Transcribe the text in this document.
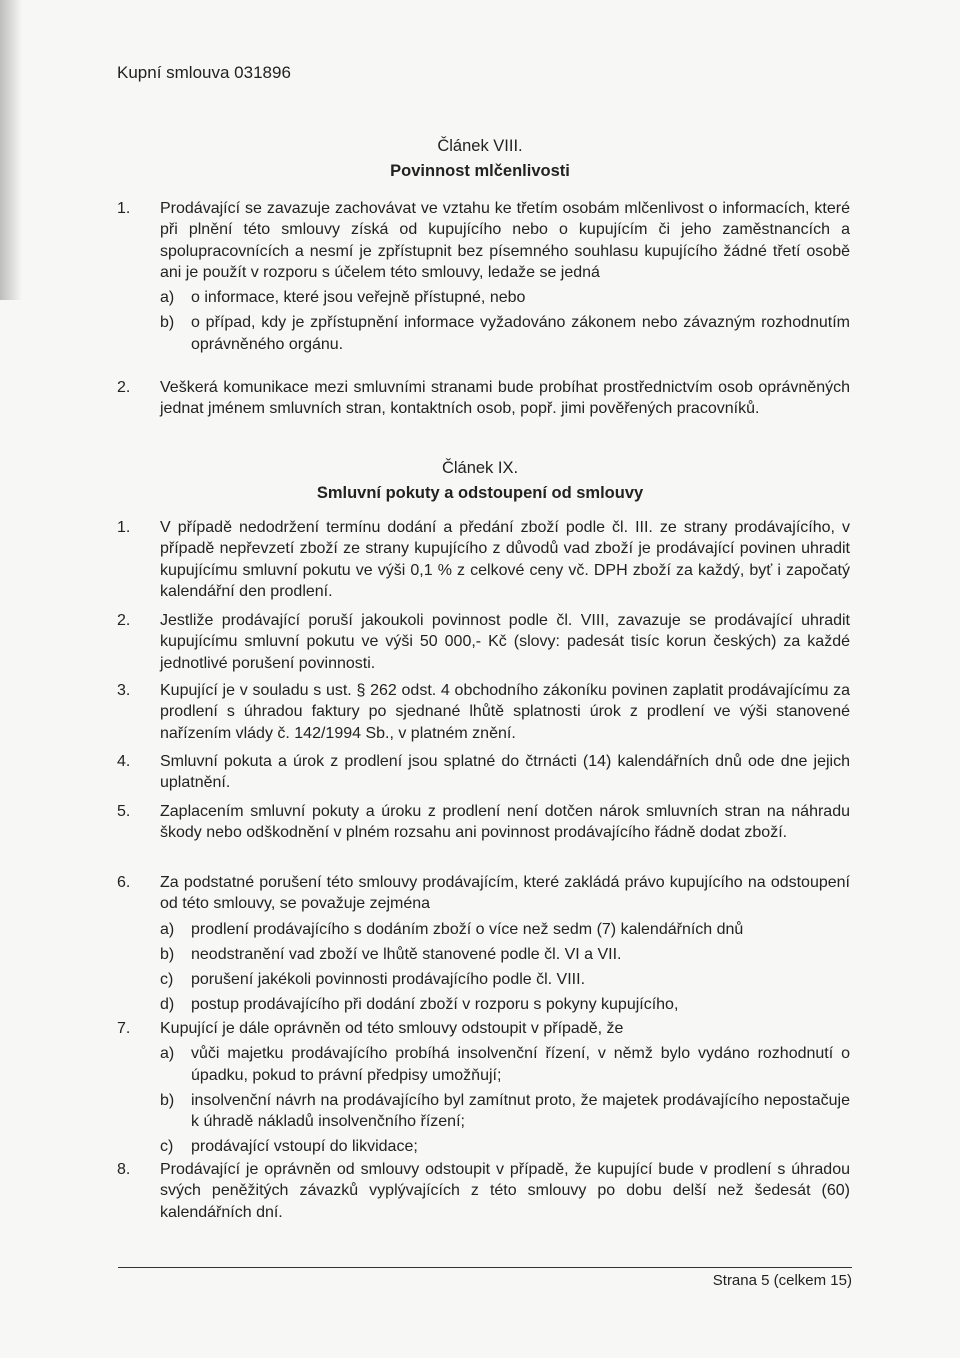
Kupní smlouva 031896
Článek VIII.
Povinnost mlčenlivosti
1. Prodávající se zavazuje zachovávat ve vztahu ke třetím osobám mlčenlivost o informacích, které při plnění této smlouvy získá od kupujícího nebo o kupujícím či jeho zaměstnancích a spolupracovnících a nesmí je zpřístupnit bez písemného souhlasu kupujícího žádné třetí osobě ani je použít v rozporu s účelem této smlouvy, ledaže se jedná
a) o informace, které jsou veřejně přístupné, nebo
b) o případ, kdy je zpřístupnění informace vyžadováno zákonem nebo závazným rozhodnutím oprávněného orgánu.
2. Veškerá komunikace mezi smluvními stranami bude probíhat prostřednictvím osob oprávněných jednat jménem smluvních stran, kontaktních osob, popř. jimi pověřených pracovníků.
Článek IX.
Smluvní pokuty a odstoupení od smlouvy
1. V případě nedodržení termínu dodání a předání zboží podle čl. III. ze strany prodávajícího, v případě nepřevzetí zboží ze strany kupujícího z důvodů vad zboží je prodávající povinen uhradit kupujícímu smluvní pokutu ve výši 0,1 % z celkové ceny vč. DPH zboží za každý, byť i započatý kalendářní den prodlení.
2. Jestliže prodávající poruší jakoukoli povinnost podle čl. VIII, zavazuje se prodávající uhradit kupujícímu smluvní pokutu ve výši 50 000,- Kč (slovy: padesát tisíc korun českých) za každé jednotlivé porušení povinnosti.
3. Kupující je v souladu s ust. § 262 odst. 4 obchodního zákoníku povinen zaplatit prodávajícímu za prodlení s úhradou faktury po sjednané lhůtě splatnosti úrok z prodlení ve výši stanovené nařízením vlády č. 142/1994 Sb., v platném znění.
4. Smluvní pokuta a úrok z prodlení jsou splatné do čtrnácti (14) kalendářních dnů ode dne jejich uplatnění.
5. Zaplacením smluvní pokuty a úroku z prodlení není dotčen nárok smluvních stran na náhradu škody nebo odškodnění v plném rozsahu ani povinnost prodávajícího řádně dodat zboží.
6. Za podstatné porušení této smlouvy prodávajícím, které zakládá právo kupujícího na odstoupení od této smlouvy, se považuje zejména
a) prodlení prodávajícího s dodáním zboží o více než sedm (7) kalendářních dnů
b) neodstranění vad zboží ve lhůtě stanovené podle čl. VI a VII.
c) porušení jakékoli povinnosti prodávajícího podle čl. VIII.
d) postup prodávajícího při dodání zboží v rozporu s pokyny kupujícího,
7. Kupující je dále oprávněn od této smlouvy odstoupit v případě, že
a) vůči majetku prodávajícího probíhá insolvenční řízení, v němž bylo vydáno rozhodnutí o úpadku, pokud to právní předpisy umožňují;
b) insolvenční návrh na prodávajícího byl zamítnut proto, že majetek prodávajícího nepostačuje k úhradě nákladů insolvenčního řízení;
c) prodávající vstoupí do likvidace;
8. Prodávající je oprávněn od smlouvy odstoupit v případě, že kupující bude v prodlení s úhradou svých peněžitých závazků vyplývajících z této smlouvy po dobu delší než šedesát (60) kalendářních dní.
Strana 5 (celkem 15)
